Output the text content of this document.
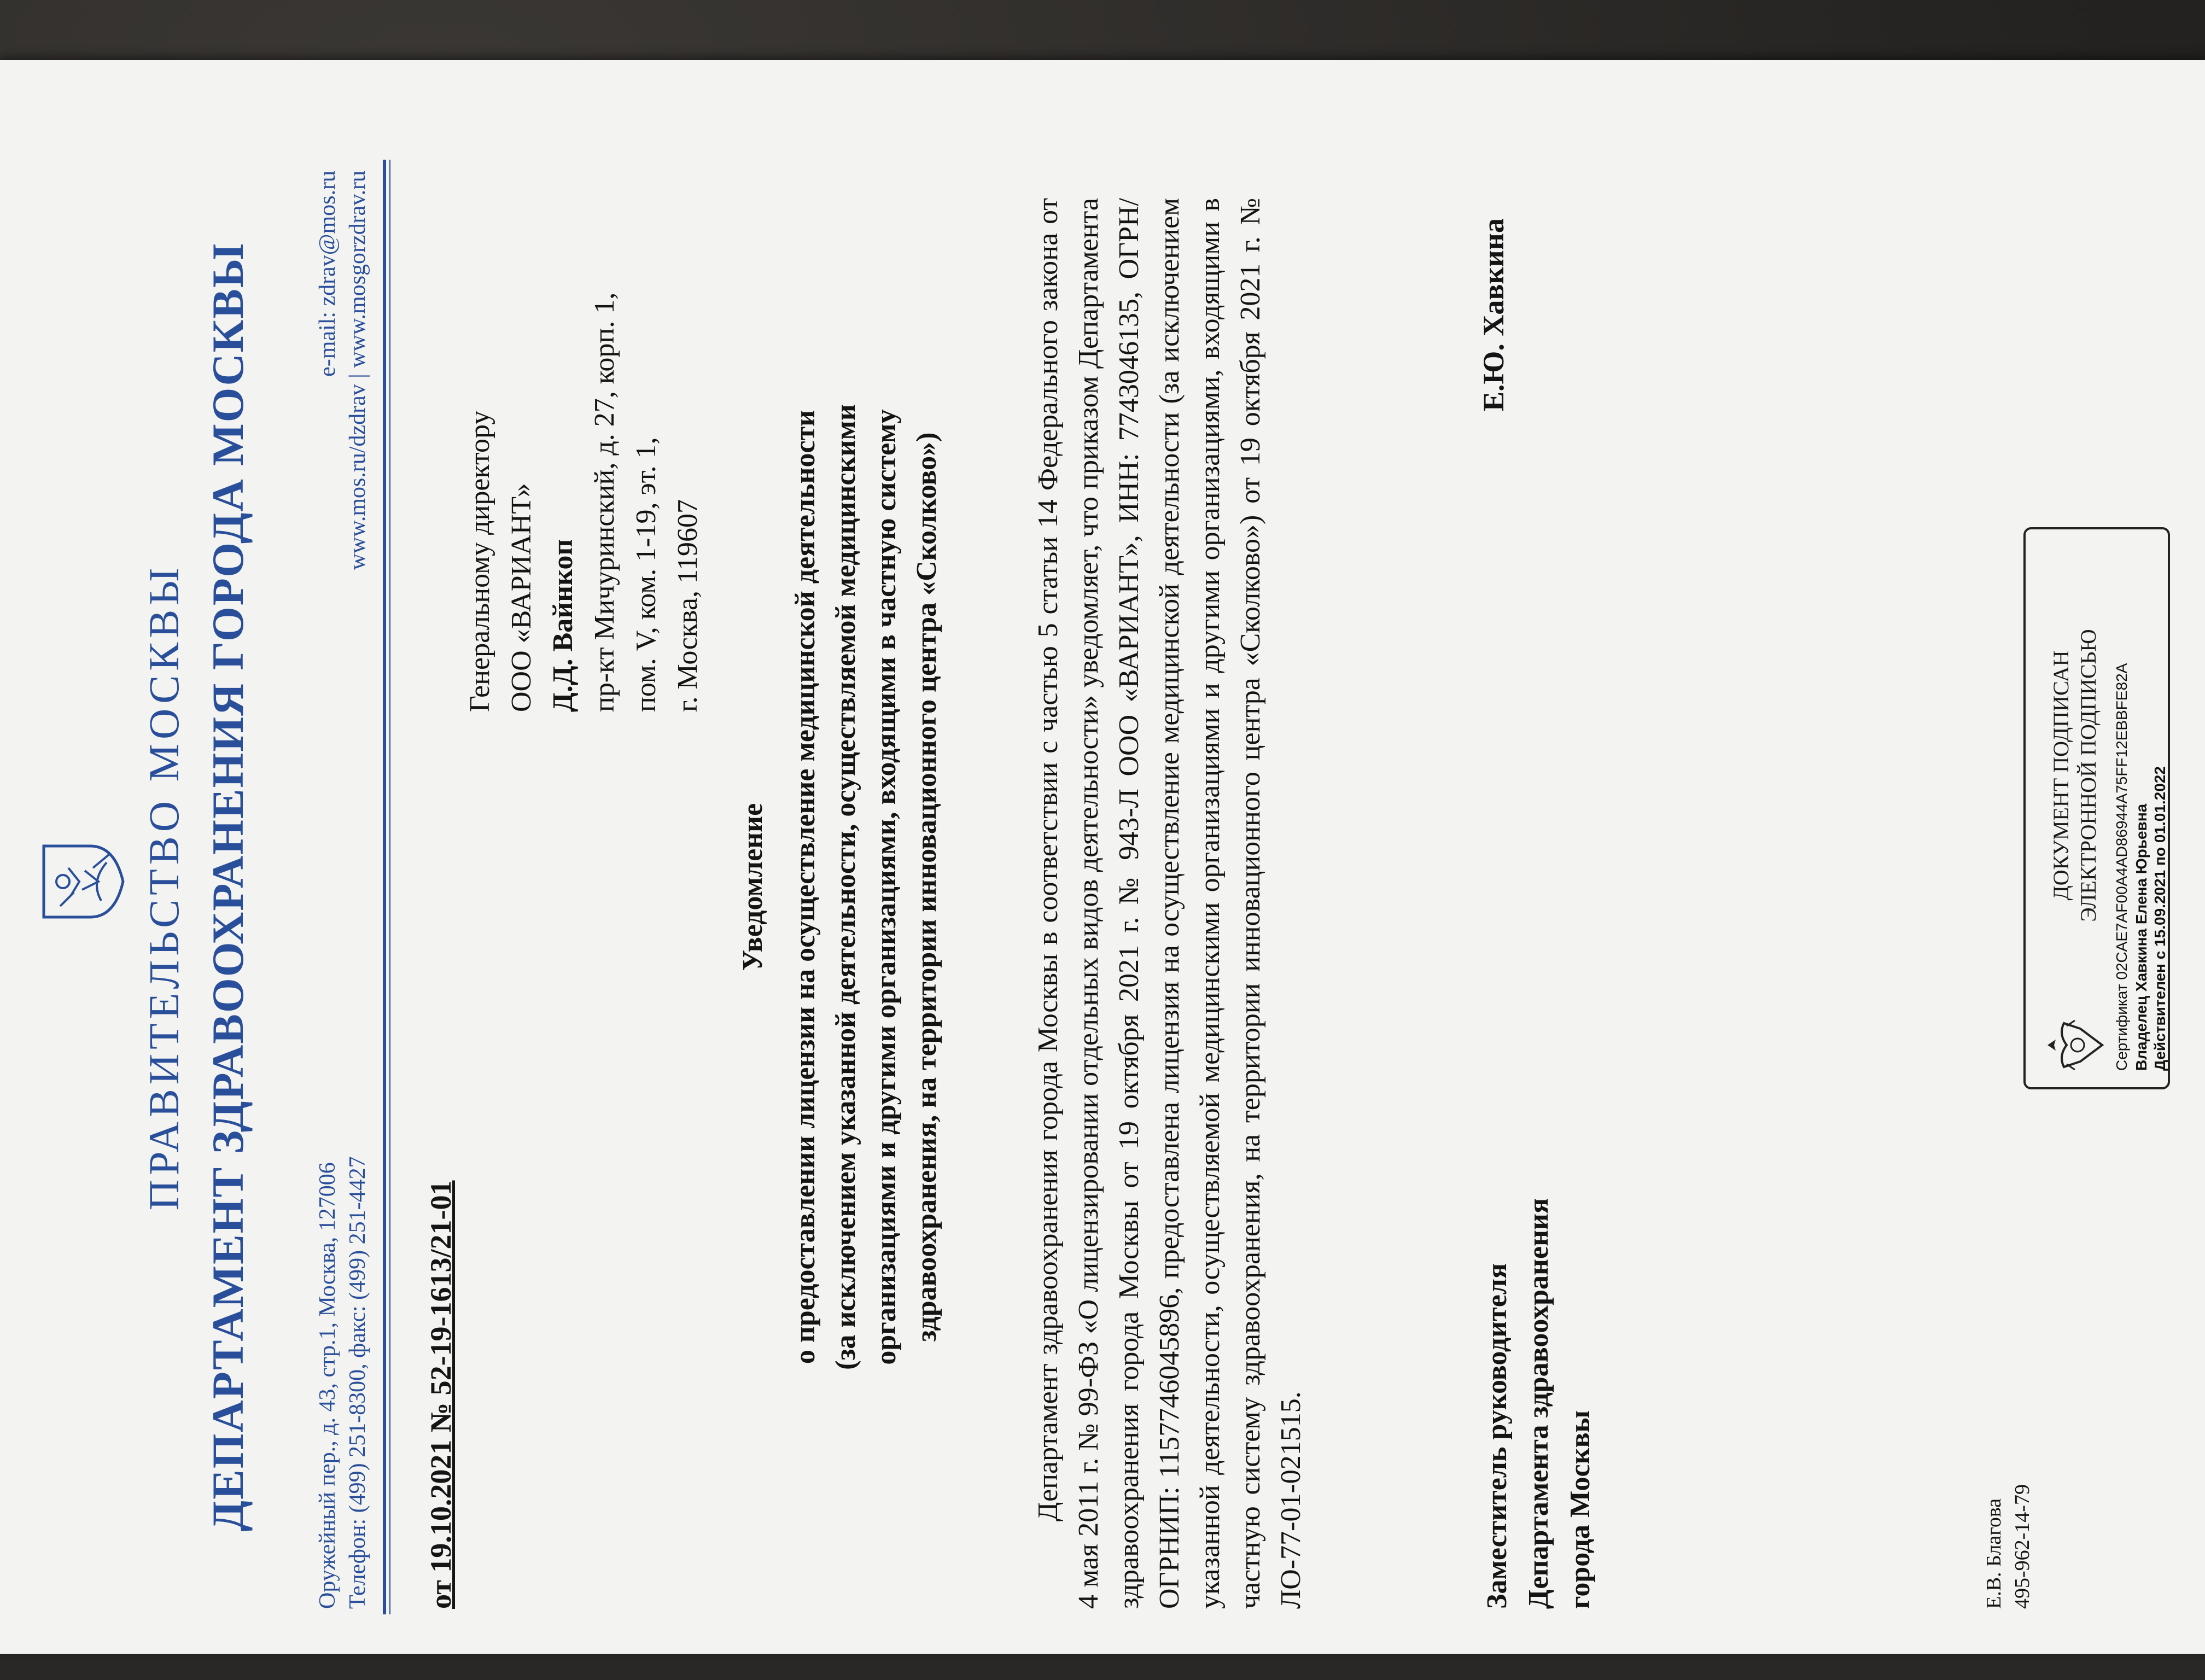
ПРАВИТЕЛЬСТВО МОСКВЫ ДЕПАРТАМЕНТ ЗДРАВООХРАНЕНИЯ ГОРОДА МОСКВЫ	Оружейный пер., д. 43, стр.1, Москва, 127006 Телефон: (499) 251-8300, факс: (499) 251-4427
e-mail: zdrav@mos.ru www.mos.ru/dzdrav | www.mosgorzdrav.ru
от 19.10.2021 № 52-19-1613/21-01
Генеральному директору ООО «ВАРИАНТ» Д.Д. Вайнкоп пр-кт Мичуринский, д. 27, корп. 1, пом. V, ком. 1-19, эт. 1, г. Москва, 119607
Уведомление о предоставлении лицензии на осуществление медицинской деятельности (за исключением указанной деятельности, осуществляемой медицинскими организациями и другими организациями, входящими в частную систему здравоохранения, на территории инновационного центра «Сколково»)	Департамент здравоохранения города Москвы в соответствии с частью 5 статьи 14 Федерального закона от 4 мая 2011 г. № 99-ФЗ «О лицензировании отдельных видов деятельности» уведомляет, что приказом Департамента здравоохранения города Москвы от 19 октября 2021 г. № 943-Л ООО «ВАРИАНТ», ИНН: 7743046135, ОГРН/ОГРНИП: 1157746045896, предоставлена лицензия на осуществление медицинской деятельности (за исключением указанной деятельности, осуществляемой медицинскими организациями и другими организациями, входящими в частную систему здравоохранения, на территории инновационного центра «Сколково») от 19 октября 2021 г. № ЛО-77-01-021515.	Заместитель руководителя Департамента здравоохранения города Москвы
Е.Ю. Хавкина
Е.В. Благова 495-962-14-79
ДОКУМЕНТ ПОДПИСАН ЭЛЕКТРОННОЙ ПОДПИСЬЮ Сертификат 02CAE7AF00A4AD86944A75FF12EBBFE82A Владелец Хавкина Елена Юрьевна Действителен с 15.09.2021 по 01.01.2022
